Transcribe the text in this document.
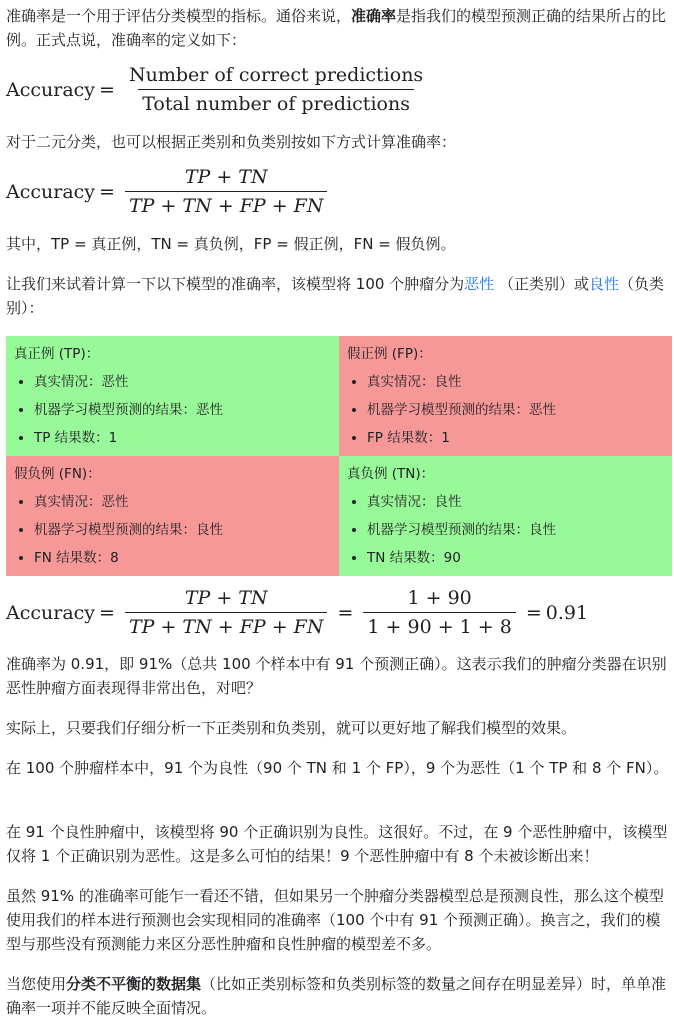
准确率是一个用于评估分类模型的指标。通俗来说，准确率是指我们的模型预测正确的结果所占的比例。正式点说，准确率的定义如下：

Accuracy = $\frac{\text{Number of correct predictions}}{\text{Total number of predictions}}$

对于二元分类，也可以根据正类别和负类别按如下方式计算准确率：

Accuracy = $\frac{TP + TN}{TP + TN + FP + FN}$

其中，TP = 真正例，TN = 真负例，FP = 假正例，FN = 假负例。

让我们来试着计算一下以下模型的准确率，该模型将 100 个肿瘤分为恶性 （正类别）或良性（负类别）：

真正例 (TP)：
• 真实情况：恶性
• 机器学习模型预测的结果：恶性
• TP 结果数：1
假正例 (FP)：
• 真实情况：良性
• 机器学习模型预测的结果：恶性
• FP 结果数：1
假负例 (FN)：
• 真实情况：恶性
• 机器学习模型预测的结果：良性
• FN 结果数：8
真负例 (TN)：
• 真实情况：良性
• 机器学习模型预测的结果：良性
• TN 结果数：90
Accuracy = $\frac{TP + TN}{TP + TN + FP + FN} = \frac{1 + 90}{1 + 90 + 1 + 8} = 0.91$

准确率为 0.91，即 91%（总共 100 个样本中有 91 个预测正确）。这表示我们的肿瘤分类器在识别恶性肿瘤方面表现得非常出色，对吧？

实际上，只要我们仔细分析一下正类别和负类别，就可以更好地了解我们模型的效果。

在 100 个肿瘤样本中，91 个为良性（90 个 TN 和 1 个 FP），9 个为恶性（1 个 TP 和 8 个 FN）。

在 91 个良性肿瘤中，该模型将 90 个正确识别为良性。这很好。不过，在 9 个恶性肿瘤中，该模型仅将 1 个正确识别为恶性。这是多么可怕的结果！9 个恶性肿瘤中有 8 个未被诊断出来！

虽然 91% 的准确率可能乍一看还不错，但如果另一个肿瘤分类器模型总是预测良性，那么这个模型使用我们的样本进行预测也会实现相同的准确率（100 个中有 91 个预测正确）。换言之，我们的模型与那些没有预测能力来区分恶性肿瘤和良性肿瘤的模型差不多。

当您使用分类不平衡的数据集（比如正类别标签和负类别标签的数量之间存在明显差异）时，单单准确率一项并不能反映全面情况。
